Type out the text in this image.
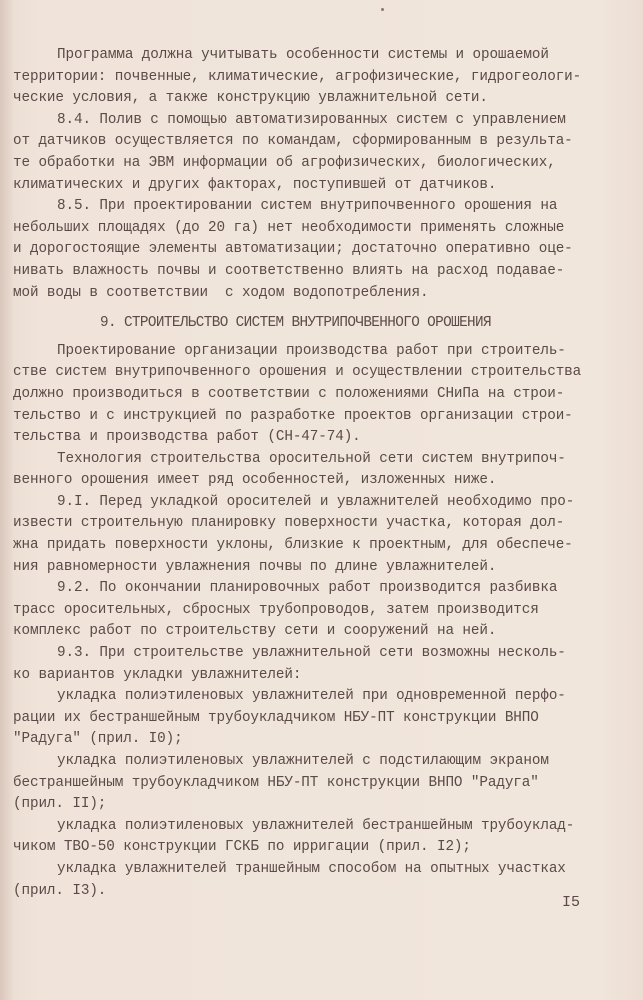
Программа должна учитывать особенности системы и орошаемой
территории: почвенные, климатические, агрофизические, гидрогеологи-
ческие условия, а также конструкцию увлажнительной сети.
8.4. Полив с помощью автоматизированных систем с управлением
от датчиков осуществляется по командам, сформированным в результа-
те обработки на ЭВМ информации об агрофизических, биологических,
климатических и других факторах, поступившей от датчиков.
8.5. При проектировании систем внутрипочвенного орошения на
небольших площадях (до 20 га) нет необходимости применять сложные
и дорогостоящие элементы автоматизации; достаточно оперативно оце-
нивать влажность почвы и соответственно влиять на расход подавае-
мой воды в соответствии  с ходом водопотребления.
9. СТРОИТЕЛЬСТВО СИСТЕМ ВНУТРИПОЧВЕННОГО ОРОШЕНИЯ
Проектирование организации производства работ при строитель-
стве систем внутрипочвенного орошения и осуществлении строительства
должно производиться в соответствии с положениями СНиПа на строи-
тельство и с инструкцией по разработке проектов организации строи-
тельства и производства работ (СН-47-74).
Технология строительства оросительной сети систем внутрипоч-
венного орошения имеет ряд особенностей, изложенных ниже.
9.I. Перед укладкой оросителей и увлажнителей необходимо про-
извести строительную планировку поверхности участка, которая дол-
жна придать поверхности уклоны, близкие к проектным, для обеспече-
ния равномерности увлажнения почвы по длине увлажнителей.
9.2. По окончании планировочных работ производится разбивка
трасс оросительных, сбросных трубопроводов, затем производится
комплекс работ по строительству сети и сооружений на ней.
9.3. При строительстве увлажнительной сети возможны несколь-
ко вариантов укладки увлажнителей:
укладка полиэтиленовых увлажнителей при одновременной перфо-
рации их бестраншейным трубоукладчиком НБУ-ПТ конструкции ВНПО
"Радуга" (прил. I0);
укладка полиэтиленовых увлажнителей с подстилающим экраном
бестраншейным трубоукладчиком НБУ-ПТ конструкции ВНПО "Радуга"
(прил. II);
укладка полиэтиленовых увлажнителей бестраншейным трубоуклад-
чиком ТВО-50 конструкции ГСКБ по ирригации (прил. I2);
укладка увлажнителей траншейным способом на опытных участках
(прил. I3).
I5
